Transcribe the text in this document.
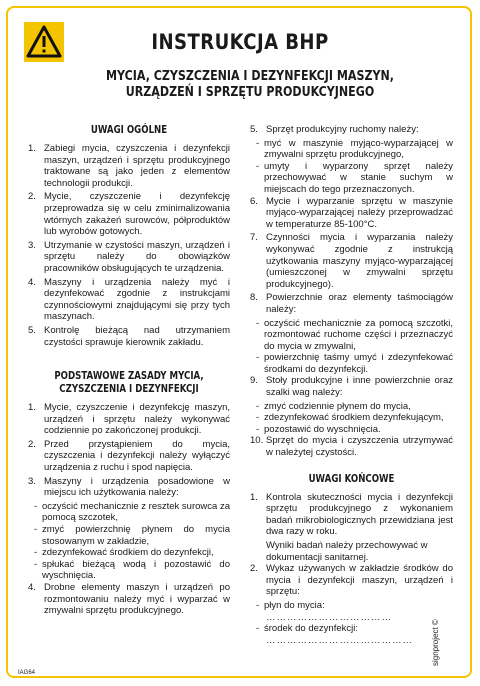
INSTRUKCJA BHP
MYCIA, CZYSZCZENIA I DEZYNFEKCJI MASZYN,
URZĄDZEŃ I SPRZĘTU PRODUKCYJNEGO
UWAGI OGÓLNE
1. Zabiegi mycia, czyszczenia i dezynfekcji maszyn, urządzeń i sprzętu produkcyjnego traktowane są jako jeden z elementów technologii produkcji.
2. Mycie, czyszczenie i dezynfekcję przeprowadza się w celu zminimalizowania wtórnych zakażeń surowców, półproduktów lub wyrobów gotowych.
3. Utrzymanie w czystości maszyn, urządzeń i sprzętu należy do obowiązków pracowników obsługujących te urządzenia.
4. Maszyny i urządzenia należy myć i dezynfekować zgodnie z instrukcjami czynnościowymi znajdującymi się przy tych maszynach.
5. Kontrolę bieżącą nad utrzymaniem czystości sprawuje kierownik zakładu.
PODSTAWOWE ZASADY MYCIA,
CZYSZCZENIA I DEZYNFEKCJI
1. Mycie, czyszczenie i dezynfekcję maszyn, urządzeń i sprzętu należy wykonywać codziennie po zakończonej produkcji.
2. Przed przystąpieniem do mycia, czyszczenia i dezynfekcji należy wyłączyć urządzenia z ruchu i spod napięcia.
3. Maszyny i urządzenia posadowione w miejscu ich użytkowania należy:
- oczyścić mechanicznie z resztek surowca za pomocą szczotek,
- zmyć powierzchnię płynem do mycia stosowanym w zakładzie,
- zdezynfekować środkiem do dezynfekcji,
- spłukać bieżącą wodą i pozostawić do wyschnięcia.
4. Drobne elementy maszyn i urządzeń po rozmontowaniu należy myć i wyparzać w zmywalni sprzętu produkcyjnego.
5. Sprzęt produkcyjny ruchomy należy:
- myć w maszynie myjąco-wyparzającej w zmywalni sprzętu produkcyjnego,
- umyty i wyparzony sprzęt należy przechowywać w stanie suchym w miejscach do tego przeznaczonych.
6. Mycie i wyparzanie sprzętu w maszynie myjąco-wyparzającej należy przeprowadzać w temperaturze 85-100°C.
7. Czynności mycia i wyparzania należy wykonywać zgodnie z instrukcją użytkowania maszyny myjąco-wyparzającej (umieszczonej w zmywalni sprzętu produkcyjnego).
8. Powierzchnie oraz elementy taśmociągów należy:
- oczyścić mechanicznie za pomocą szczotki, rozmontować ruchome części i przeznaczyć do mycia w zmywalni,
- powierzchnię taśmy umyć i zdezynfekować środkami do dezynfekcji.
9. Stoły produkcyjne i inne powierzchnie oraz szalki wag należy:
- zmyć codziennie płynem do mycia,
- zdezynfekować środkiem dezynfekującym,
- pozostawić do wyschnięcia.
10. Sprzęt do mycia i czyszczenia utrzymywać w należytej czystości.
UWAGI KOŃCOWE
1. Kontrola skuteczności mycia i dezynfekcji sprzętu produkcyjnego z wykonaniem badań mikrobiologicznych przewidziana jest dwa razy w roku.
Wyniki badań należy przechowywać w dokumentacji sanitarnej.
2. Wykaz używanych w zakładzie środków do mycia i dezynfekcji maszyn, urządzeń i sprzętu:
- płyn do mycia:
………………………………
- środek do dezynfekcji:
……………………………………
IAG64
signproject ©
